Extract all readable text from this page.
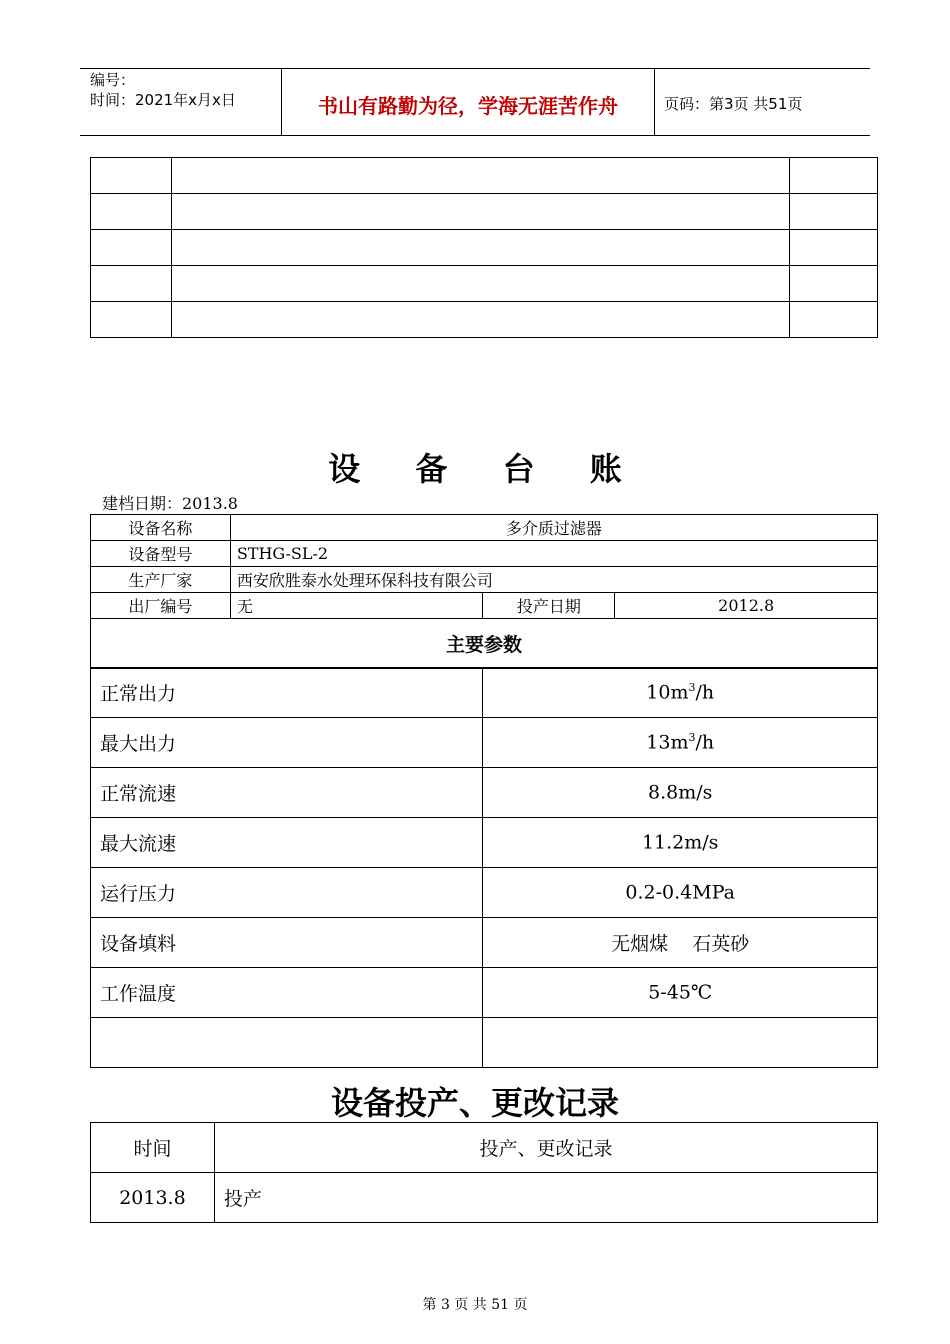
编号：
时间：2021年x月x日	书山有路勤为径，学海无涯苦作舟	页码：第3页 共51页

设 备 台 账
建档日期：2013.8
设备名称	多介质过滤器		
设备型号	STHG-SL-2		
生产厂家	西安欣胜泰水处理环保科技有限公司		
出厂编号	无	投产日期	2012.8
主要参数			
正常出力	$10m^3/h$
最大出力	$13m^3/h$
正常流速	8.8m/s
最大流速	11.2m/s
运行压力	0.2-0.4MPa
设备填料	无烟煤    石英砂
工作温度	5-45℃

设备投产、更改记录
时间	投产、更改记录
2013.8	投产
第 3 页 共 51 页
